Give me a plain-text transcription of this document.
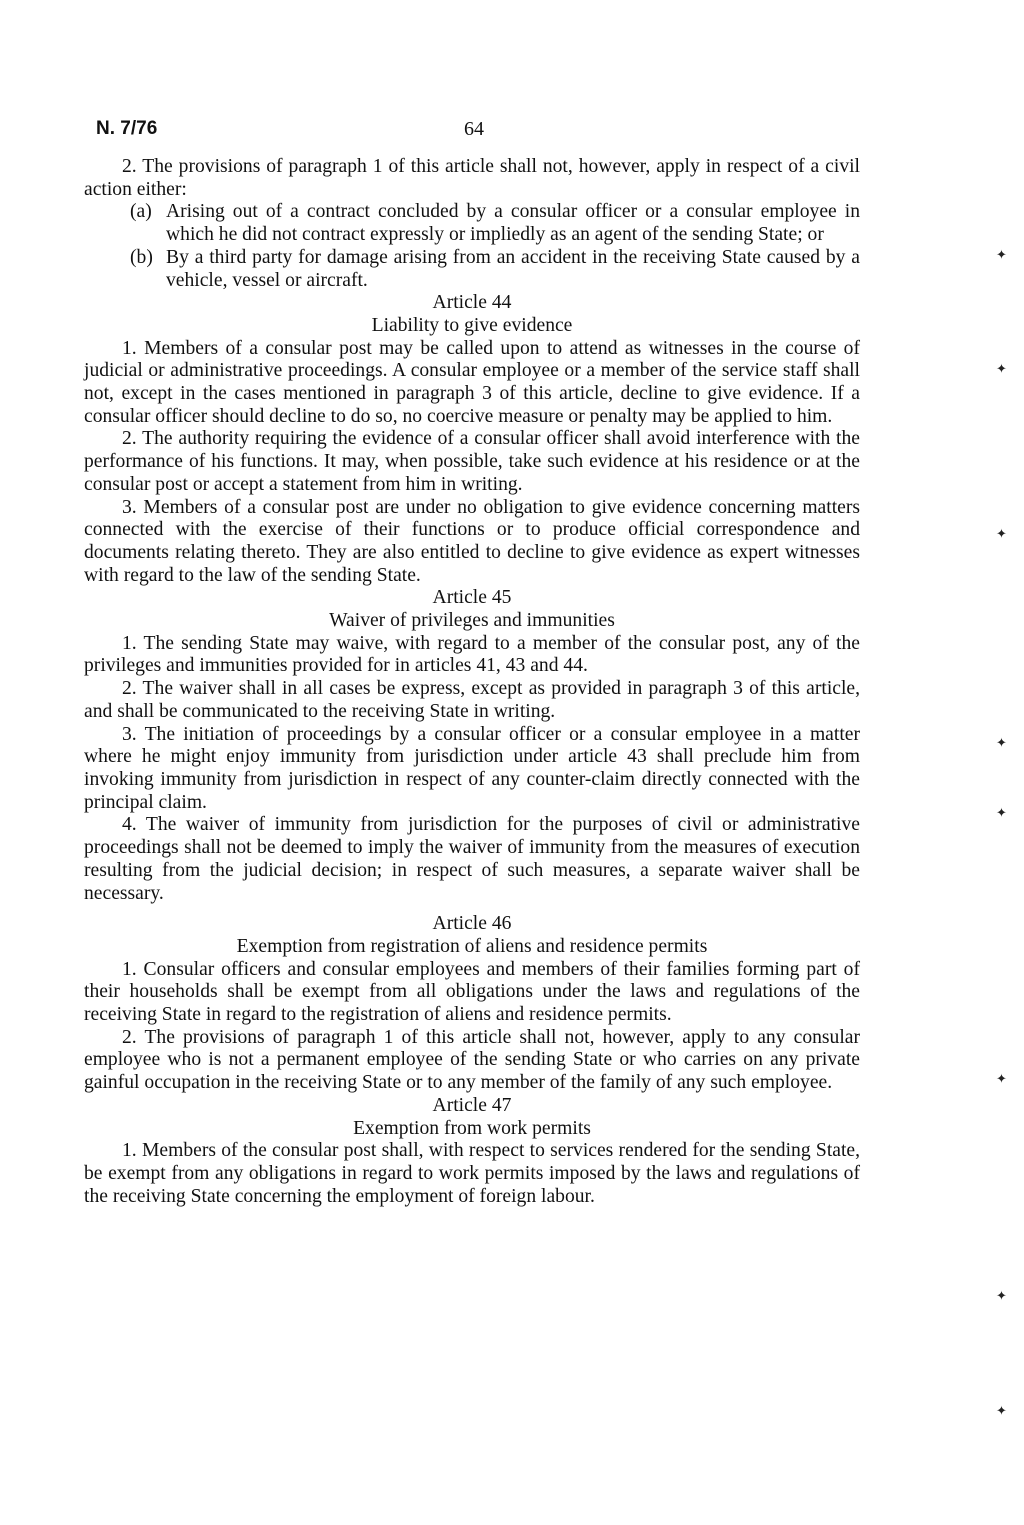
N. 7/76	64

2. The provisions of paragraph 1 of this article shall not, however, apply in respect of a civil action either:

(a) Arising out of a contract concluded by a consular officer or a consular employee in which he did not contract expressly or impliedly as an agent of the sending State; or
(b) By a third party for damage arising from an accident in the receiving State caused by a vehicle, vessel or aircraft.

Article 44

Liability to give evidence

1. Members of a consular post may be called upon to attend as witnesses in the course of judicial or administrative proceedings. A consular employee or a member of the service staff shall not, except in the cases mentioned in paragraph 3 of this article, decline to give evidence. If a consular officer should decline to do so, no coercive measure or penalty may be applied to him.

2. The authority requiring the evidence of a consular officer shall avoid interference with the performance of his functions. It may, when possible, take such evidence at his residence or at the consular post or accept a statement from him in writing.

3. Members of a consular post are under no obligation to give evidence concerning matters connected with the exercise of their functions or to produce official correspondence and documents relating thereto. They are also entitled to decline to give evidence as expert witnesses with regard to the law of the sending State.

Article 45

Waiver of privileges and immunities

1. The sending State may waive, with regard to a member of the consular post, any of the privileges and immunities provided for in articles 41, 43 and 44.

2. The waiver shall in all cases be express, except as provided in paragraph 3 of this article, and shall be communicated to the receiving State in writing.

3. The initiation of proceedings by a consular officer or a consular employee in a matter where he might enjoy immunity from jurisdiction under article 43 shall preclude him from invoking immunity from jurisdiction in respect of any counter-claim directly connected with the principal claim.

4. The waiver of immunity from jurisdiction for the purposes of civil or administrative proceedings shall not be deemed to imply the waiver of immunity from the measures of execution resulting from the judicial decision; in respect of such measures, a separate waiver shall be necessary.

Article 46

Exemption from registration of aliens and residence permits

1. Consular officers and consular employees and members of their families forming part of their households shall be exempt from all obligations under the laws and regulations of the receiving State in regard to the registration of aliens and residence permits.

2. The provisions of paragraph 1 of this article shall not, however, apply to any consular employee who is not a permanent employee of the sending State or who carries on any private gainful occupation in the receiving State or to any member of the family of any such employee.

Article 47

Exemption from work permits

1. Members of the consular post shall, with respect to services rendered for the sending State, be exempt from any obligations in regard to work permits imposed by the laws and regulations of the receiving State concerning the employment of foreign labour.

✦
✦
✦
✦
✦
✦
✦
✦
